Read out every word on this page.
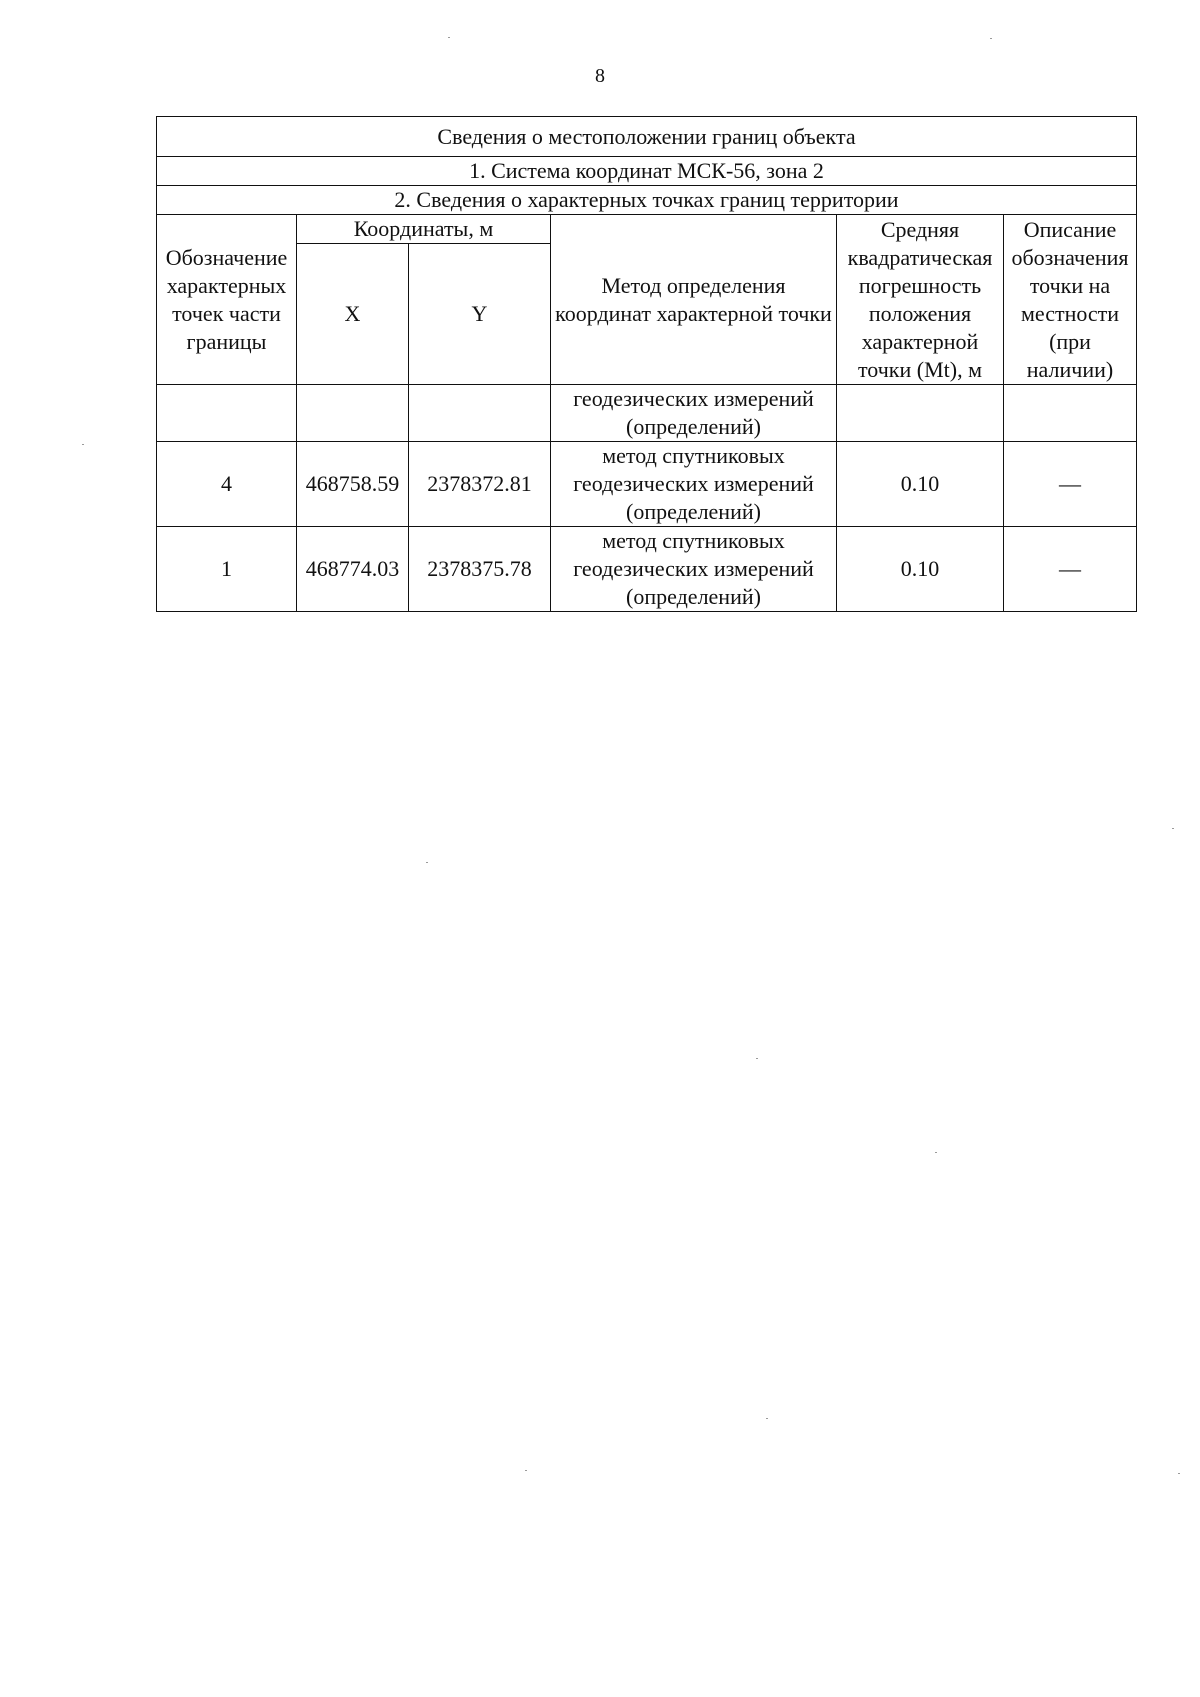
8
Сведения о местоположении границ объекта					
1. Система координат МСК-56, зона 2					
2. Сведения о характерных точках границ территории					
Обозначение характерных точек части границы	Координаты, м		Метод определения координат характерной точки	Средняя квадратическая погрешность положения характерной точки (Mt), м	Описание обозначения точки на местности (при наличии)
	X	Y			
			геодезических измерений (определений)		
4	468758.59	2378372.81	метод спутниковых геодезических измерений (определений)	0.10	—
1	468774.03	2378375.78	метод спутниковых геодезических измерений (определений)	0.10	—
